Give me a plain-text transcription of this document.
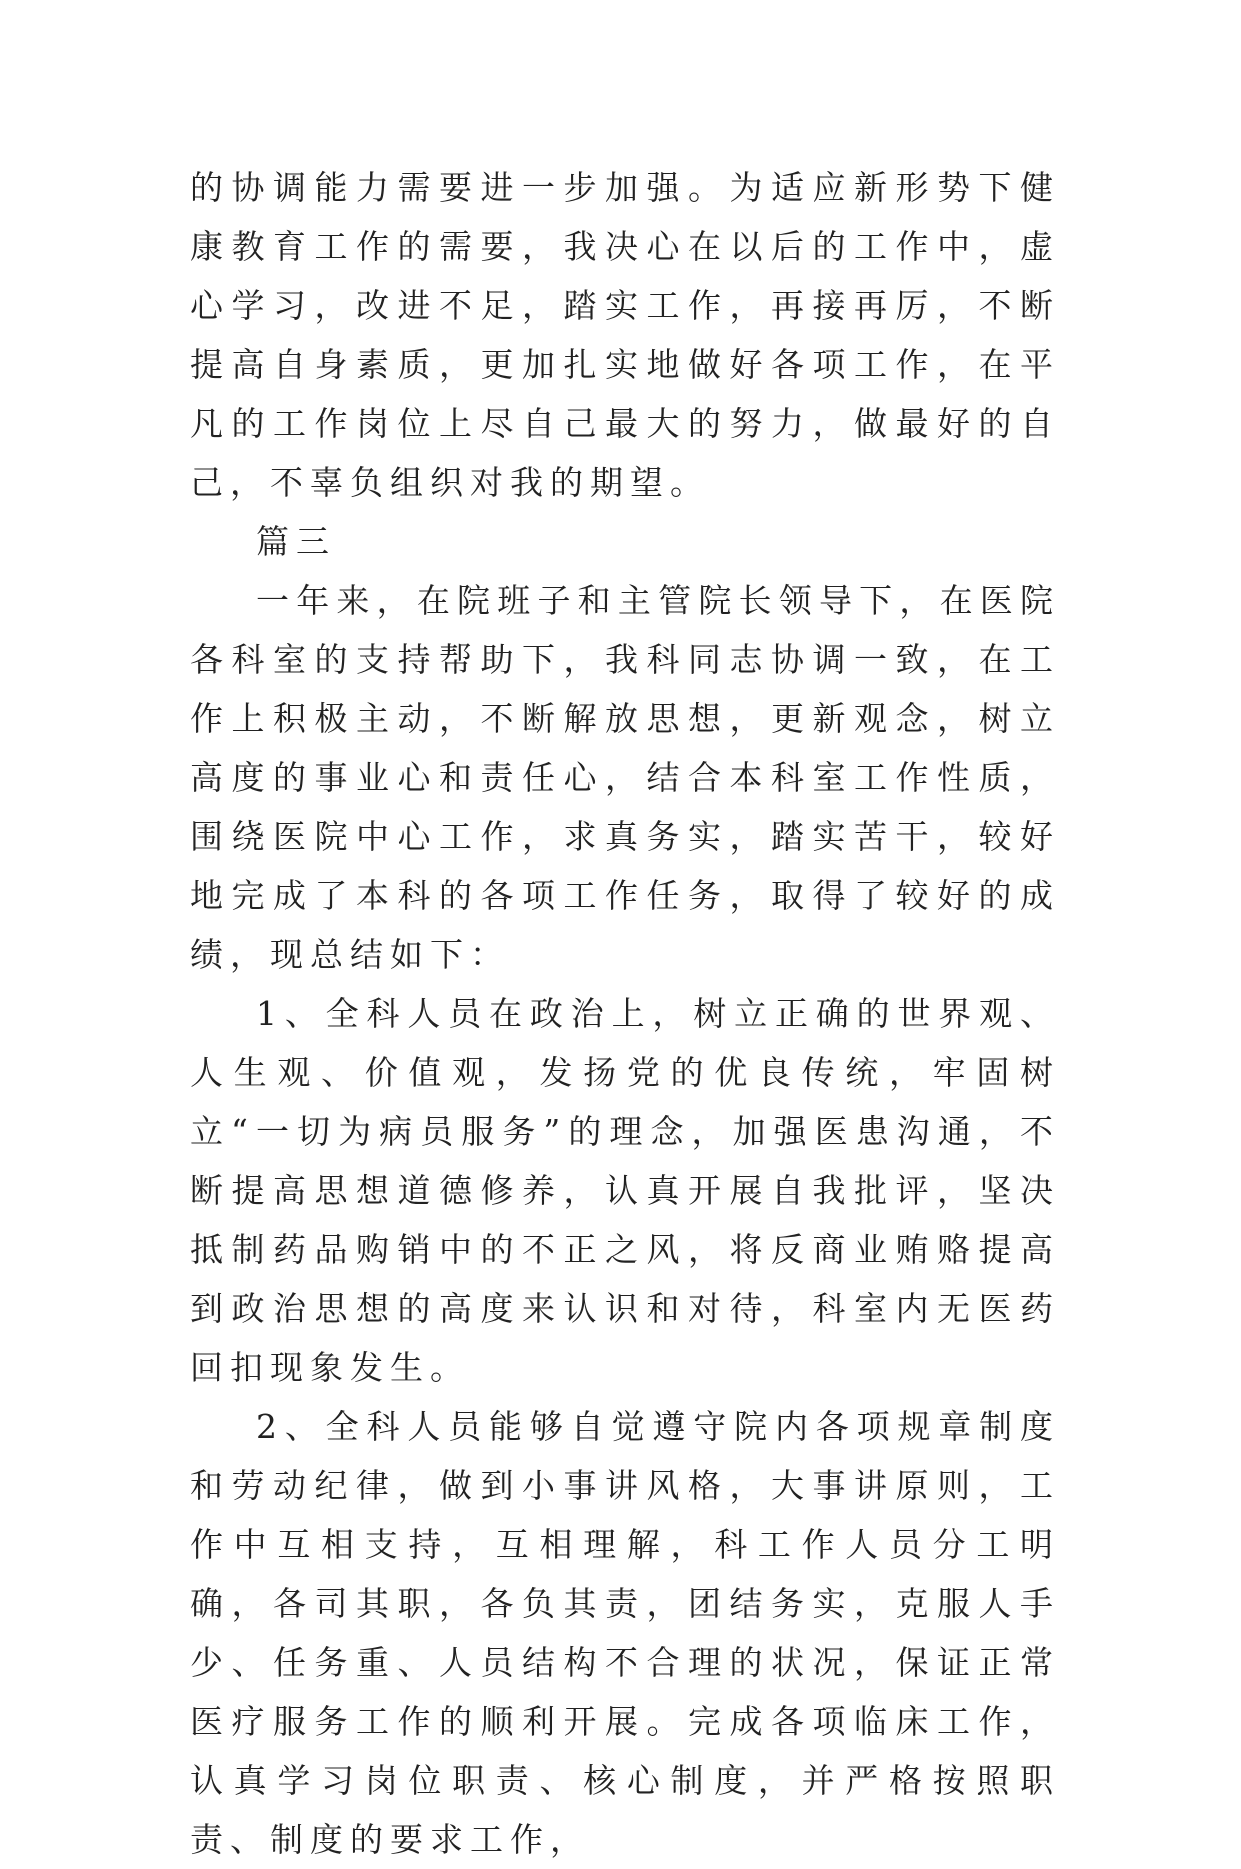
的协调能力需要进一步加强。为适应新形势下健康教育工作的需要，我决心在以后的工作中，虚心学习，改进不足，踏实工作，再接再厉，不断提高自身素质，更加扎实地做好各项工作，在平凡的工作岗位上尽自己最大的努力，做最好的自己，不辜负组织对我的期望。

篇三

一年来，在院班子和主管院长领导下，在医院各科室的支持帮助下，我科同志协调一致，在工作上积极主动，不断解放思想，更新观念，树立高度的事业心和责任心，结合本科室工作性质，围绕医院中心工作，求真务实，踏实苦干，较好地完成了本科的各项工作任务，取得了较好的成绩，现总结如下：

1、全科人员在政治上，树立正确的世界观、人生观、价值观，发扬党的优良传统，牢固树立“一切为病员服务”的理念，加强医患沟通，不断提高思想道德修养，认真开展自我批评，坚决抵制药品购销中的不正之风，将反商业贿赂提高到政治思想的高度来认识和对待，科室内无医药回扣现象发生。

2、全科人员能够自觉遵守院内各项规章制度和劳动纪律，做到小事讲风格，大事讲原则，工作中互相支持，互相理解，科工作人员分工明确，各司其职，各负其责，团结务实，克服人手少、任务重、人员结构不合理的状况，保证正常医疗服务工作的顺利开展。完成各项临床工作，认真学习岗位职责、核心制度，并严格按照职责、制度的要求工作，
